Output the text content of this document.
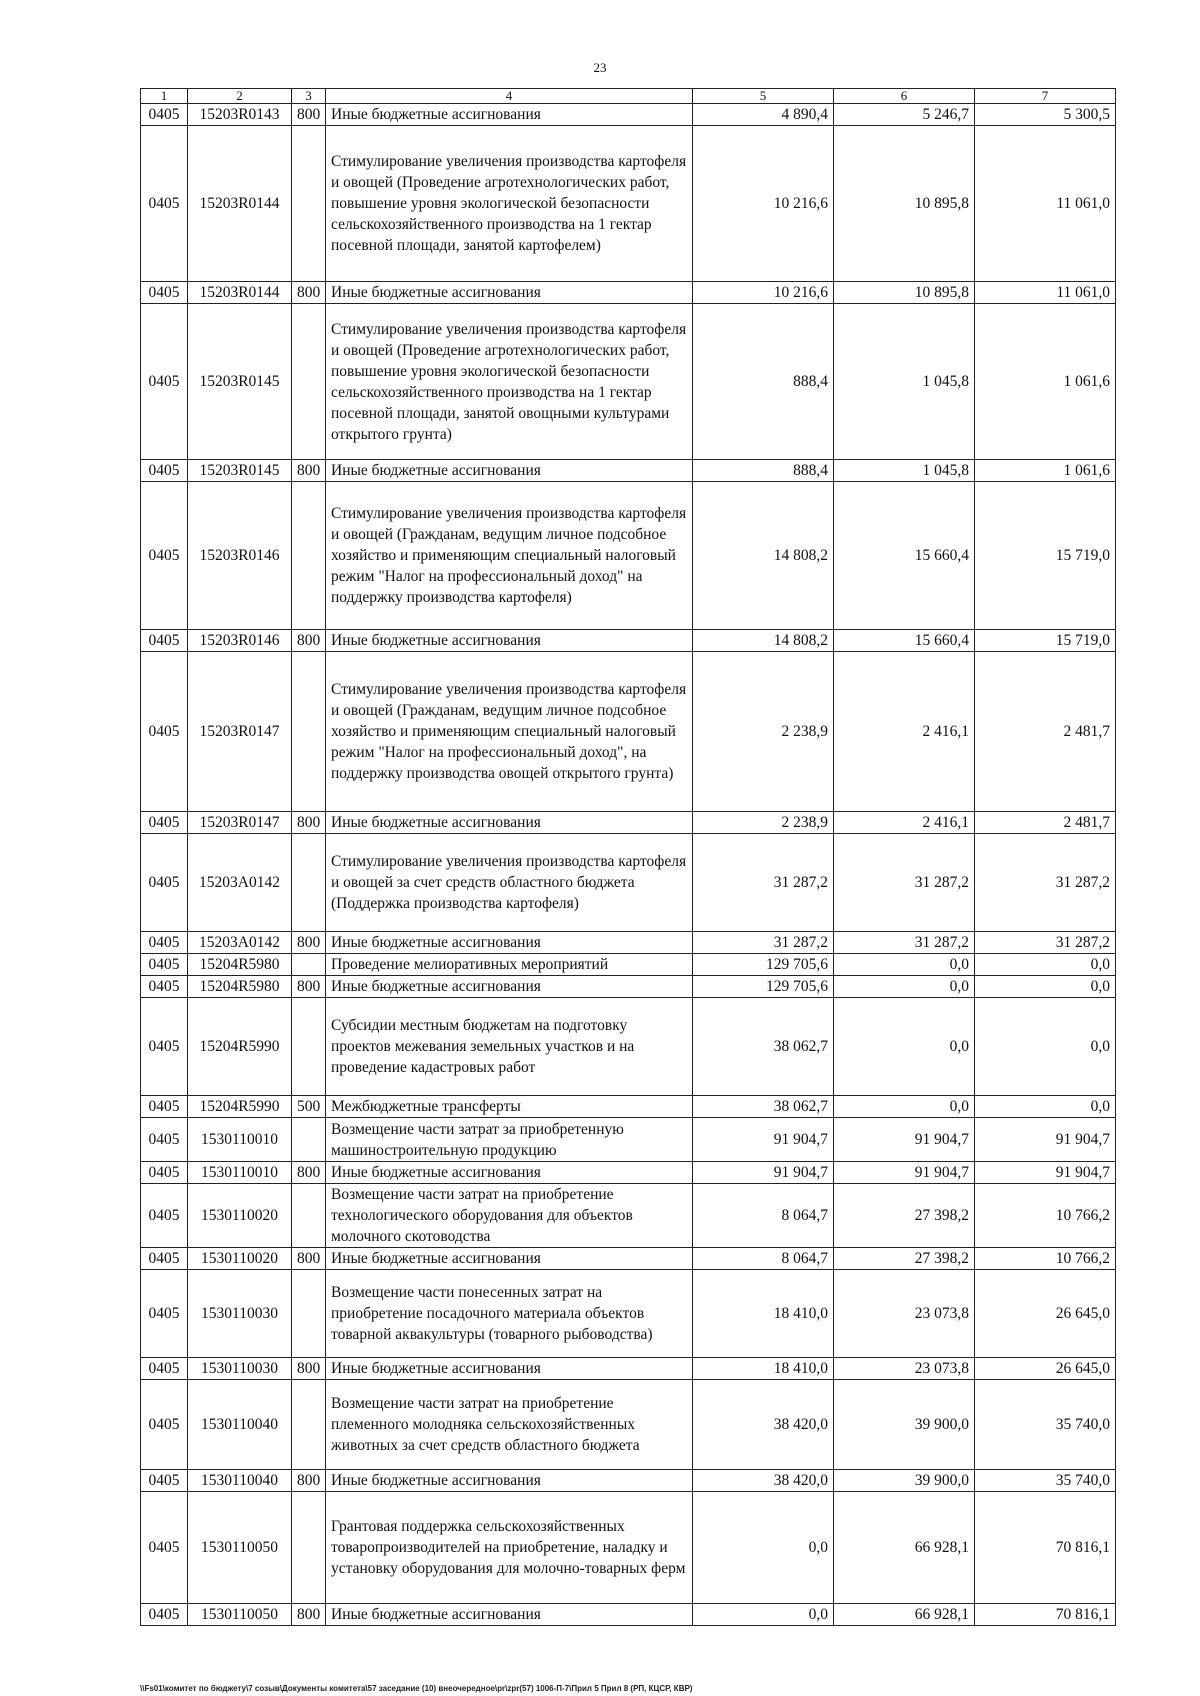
23
1	2	3	4	5	6	7
0405	15203R0143	800	Иные бюджетные ассигнования	4 890,4	5 246,7	5 300,5
0405	15203R0144		Стимулирование увеличения производства картофеля и овощей (Проведение агротехнологических работ, повышение уровня экологической безопасности сельскохозяйственного производства на 1 гектар посевной площади, занятой картофелем)	10 216,6	10 895,8	11 061,0
0405	15203R0144	800	Иные бюджетные ассигнования	10 216,6	10 895,8	11 061,0
0405	15203R0145		Стимулирование увеличения производства картофеля и овощей (Проведение агротехнологических работ, повышение уровня экологической безопасности сельскохозяйственного производства на 1 гектар посевной площади, занятой овощными культурами открытого грунта)	888,4	1 045,8	1 061,6
0405	15203R0145	800	Иные бюджетные ассигнования	888,4	1 045,8	1 061,6
0405	15203R0146		Стимулирование увеличения производства картофеля и овощей (Гражданам, ведущим личное подсобное хозяйство и применяющим специальный налоговый режим "Налог на профессиональный доход" на поддержку производства картофеля)	14 808,2	15 660,4	15 719,0
0405	15203R0146	800	Иные бюджетные ассигнования	14 808,2	15 660,4	15 719,0
0405	15203R0147		Стимулирование увеличения производства картофеля и овощей (Гражданам, ведущим личное подсобное хозяйство и применяющим специальный налоговый режим "Налог на профессиональный доход", на поддержку производства овощей открытого грунта)	2 238,9	2 416,1	2 481,7
0405	15203R0147	800	Иные бюджетные ассигнования	2 238,9	2 416,1	2 481,7
0405	15203A0142		Стимулирование увеличения производства картофеля и овощей за счет средств областного бюджета (Поддержка производства картофеля)	31 287,2	31 287,2	31 287,2
0405	15203A0142	800	Иные бюджетные ассигнования	31 287,2	31 287,2	31 287,2
0405	15204R5980		Проведение мелиоративных мероприятий	129 705,6	0,0	0,0
0405	15204R5980	800	Иные бюджетные ассигнования	129 705,6	0,0	0,0
0405	15204R5990		Субсидии местным бюджетам на подготовку проектов межевания земельных участков и на проведение кадастровых работ	38 062,7	0,0	0,0
0405	15204R5990	500	Межбюджетные трансферты	38 062,7	0,0	0,0
0405	1530110010		Возмещение части затрат за приобретенную машиностроительную продукцию	91 904,7	91 904,7	91 904,7
0405	1530110010	800	Иные бюджетные ассигнования	91 904,7	91 904,7	91 904,7
0405	1530110020		Возмещение части затрат на приобретение технологического оборудования для объектов молочного скотоводства	8 064,7	27 398,2	10 766,2
0405	1530110020	800	Иные бюджетные ассигнования	8 064,7	27 398,2	10 766,2
0405	1530110030		Возмещение части понесенных затрат на приобретение посадочного материала объектов товарной аквакультуры (товарного рыбоводства)	18 410,0	23 073,8	26 645,0
0405	1530110030	800	Иные бюджетные ассигнования	18 410,0	23 073,8	26 645,0
0405	1530110040		Возмещение части затрат на приобретение племенного молодняка сельскохозяйственных животных за счет средств областного бюджета	38 420,0	39 900,0	35 740,0
0405	1530110040	800	Иные бюджетные ассигнования	38 420,0	39 900,0	35 740,0
0405	1530110050		Грантовая поддержка сельскохозяйственных товаропроизводителей на приобретение, наладку и установку оборудования для молочно-товарных ферм	0,0	66 928,1	70 816,1
0405	1530110050	800	Иные бюджетные ассигнования	0,0	66 928,1	70 816,1
\\Fs01\комитет по бюджету\7 созыв\Документы комитета\57 заседание (10) внеочередное\pr\zpr(57) 1006-П-7\Прил 5 Прил 8 (РП, КЦСР, КВР)
